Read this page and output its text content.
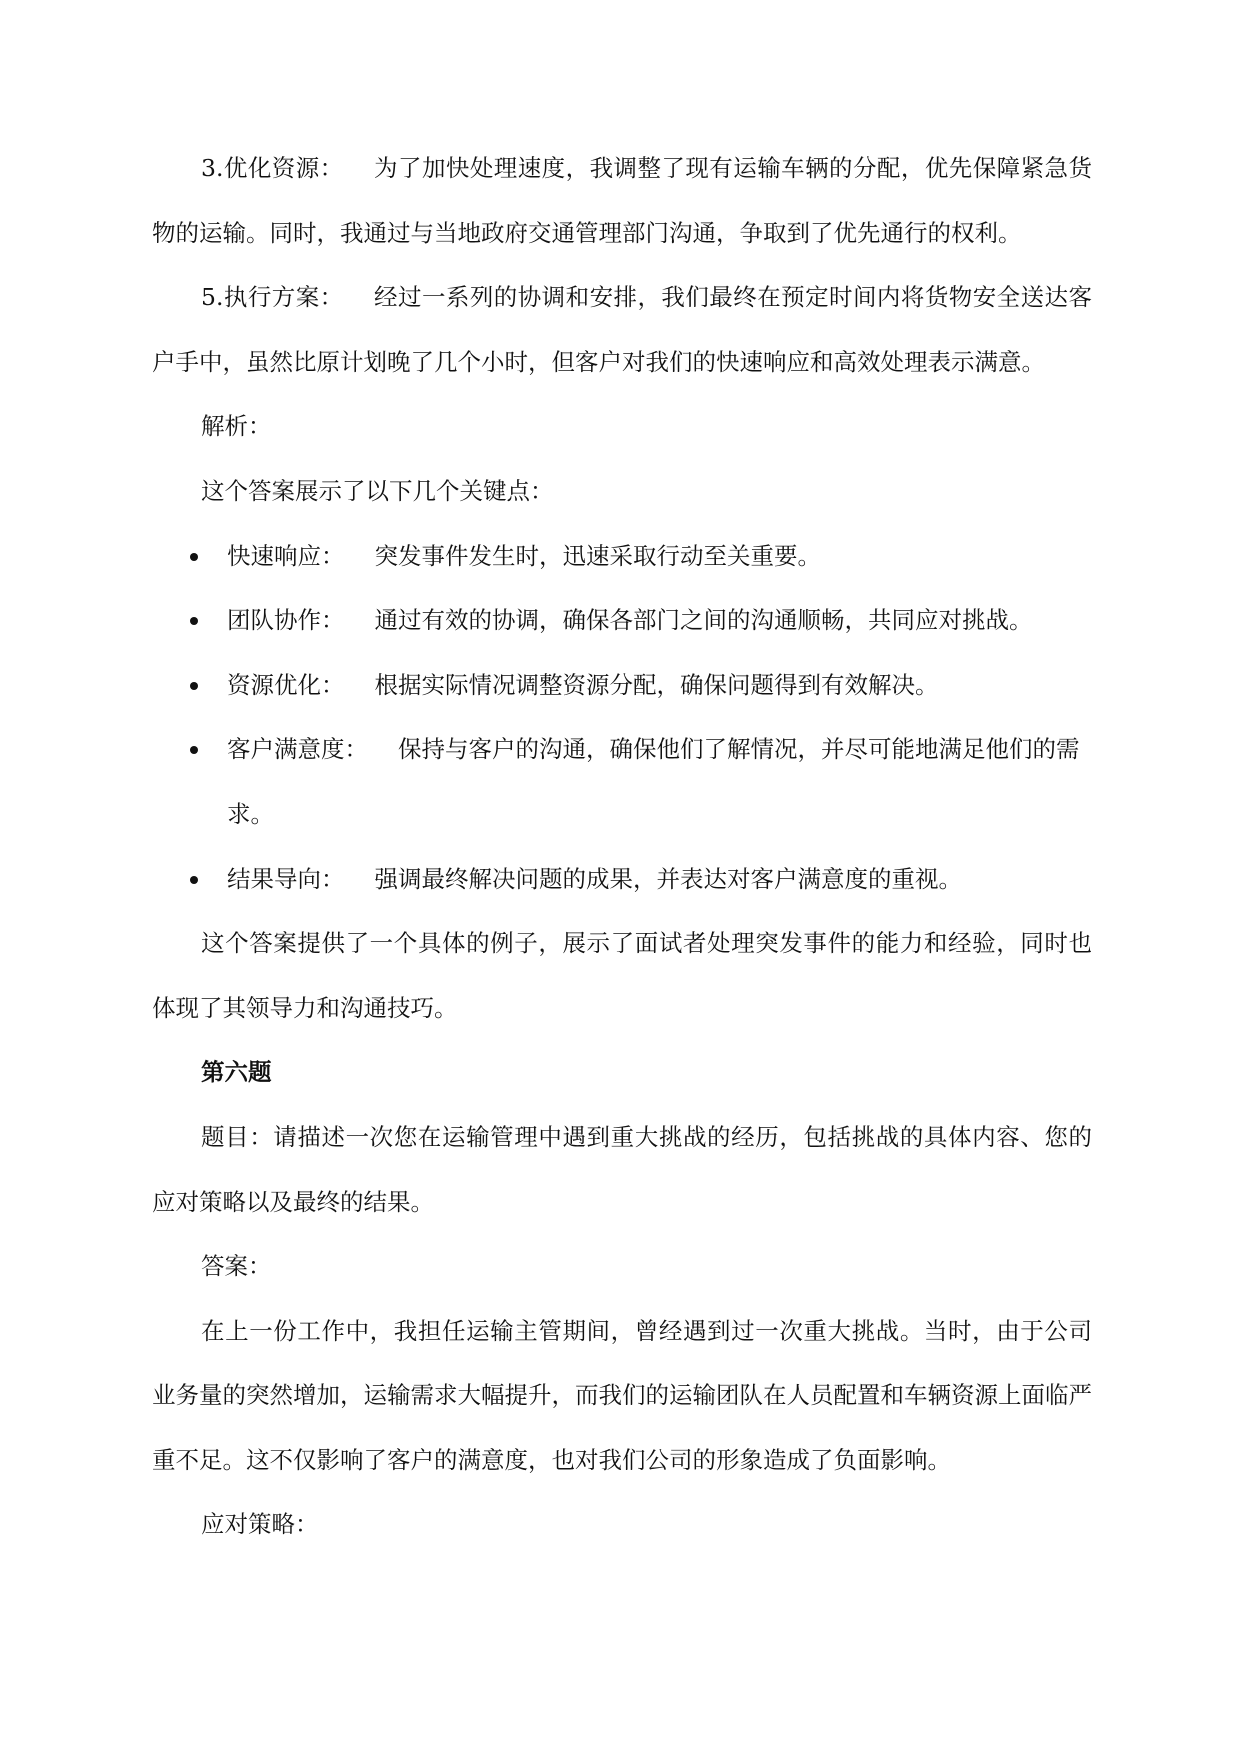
3.优化资源： 为了加快处理速度，我调整了现有运输车辆的分配，优先保障紧急货物的运输。同时，我通过与当地政府交通管理部门沟通，争取到了优先通行的权利。

5.执行方案： 经过一系列的协调和安排，我们最终在预定时间内将货物安全送达客户手中，虽然比原计划晚了几个小时，但客户对我们的快速响应和高效处理表示满意。

解析：

这个答案展示了以下几个关键点：

快速响应： 突发事件发生时，迅速采取行动至关重要。
团队协作： 通过有效的协调，确保各部门之间的沟通顺畅，共同应对挑战。
资源优化： 根据实际情况调整资源分配，确保问题得到有效解决。
客户满意度： 保持与客户的沟通，确保他们了解情况，并尽可能地满足他们的需求。
结果导向： 强调最终解决问题的成果，并表达对客户满意度的重视。

这个答案提供了一个具体的例子，展示了面试者处理突发事件的能力和经验，同时也体现了其领导力和沟通技巧。

第六题

题目：请描述一次您在运输管理中遇到重大挑战的经历，包括挑战的具体内容、您的应对策略以及最终的结果。

答案：

在上一份工作中，我担任运输主管期间，曾经遇到过一次重大挑战。当时，由于公司业务量的突然增加，运输需求大幅提升，而我们的运输团队在人员配置和车辆资源上面临严重不足。这不仅影响了客户的满意度，也对我们公司的形象造成了负面影响。

应对策略：
